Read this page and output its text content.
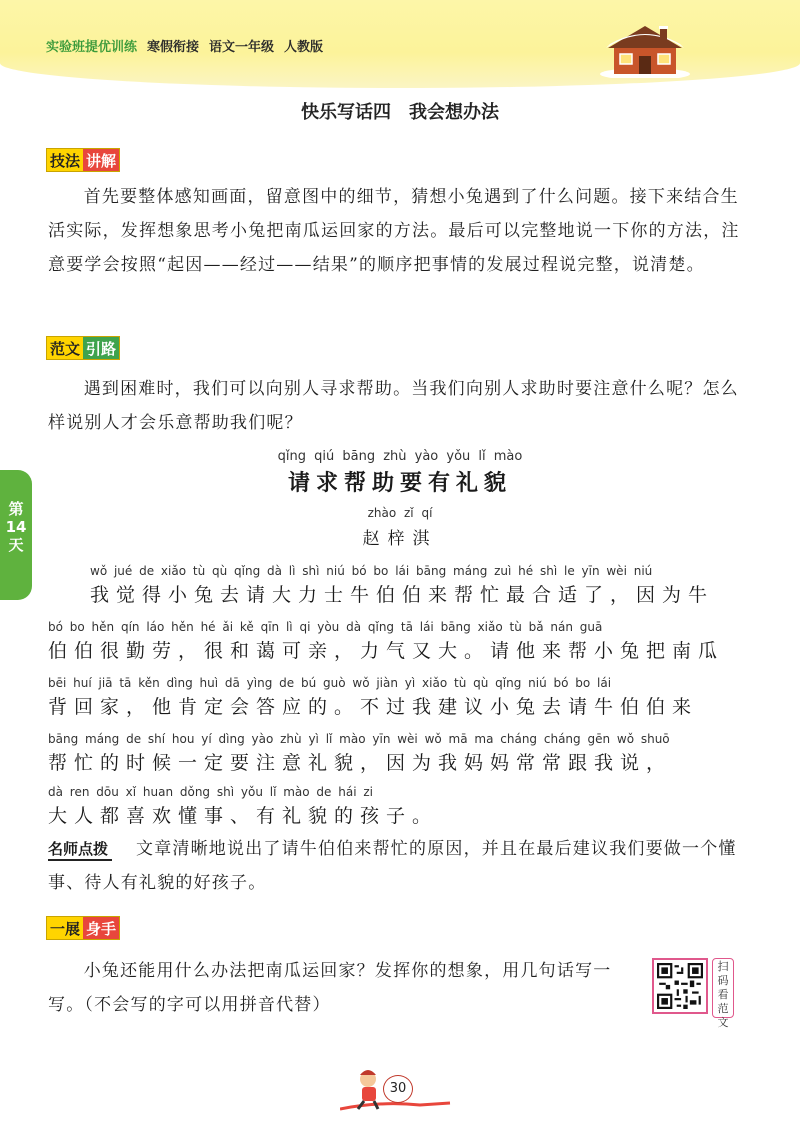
实验班提优训练 寒假衔接 语文一年级 人教版
快乐写话四 我会想办法
技法 讲解
首先要整体感知画面，留意图中的细节，猜想小兔遇到了什么问题。接下来结合生活实际，发挥想象思考小兔把南瓜运回家的方法。最后可以完整地说一下你的方法，注意要学会按照“起因——经过——结果”的顺序把事情的发展过程说完整，说清楚。
范文 引路
遇到困难时，我们可以向别人寻求帮助。当我们向别人求助时要注意什么呢？怎么样说别人才会乐意帮助我们呢？
第
14
天
qǐng qiú bāng zhù yào yǒu lǐ mào
请求帮助要有礼貌
zhào zǐ qí
赵梓淇
wǒ jué de xiǎo tù qù qǐng dà lì shì niú bó bo lái bāng máng zuì hé shì le yīn wèi niú
我觉得小兔去请大力士牛伯伯来帮忙最合适了，因为牛
bó bo hěn qín láo hěn hé ǎi kě qīn lì qi yòu dà qǐng tā lái bāng xiǎo tù bǎ nán guā
伯伯很勤劳，很和蔼可亲，力气又大。请他来帮小兔把南瓜
bēi huí jiā tā kěn dìng huì dā yìng de bú guò wǒ jiàn yì xiǎo tù qù qǐng niú bó bo lái
背回家，他肯定会答应的。不过我建议小兔去请牛伯伯来
bāng máng de shí hou yí dìng yào zhù yì lǐ mào yīn wèi wǒ mā ma cháng cháng gēn wǒ shuō
帮忙的时候一定要注意礼貌，因为我妈妈常常跟我说，
dà ren dōu xǐ huan dǒng shì yǒu lǐ mào de hái zi
大人都喜欢懂事、有礼貌的孩子。
名师点拨	文章清晰地说出了请牛伯伯来帮忙的原因，并且在最后建议我们要做一个懂事、待人有礼貌的好孩子。
一展 身手
小兔还能用什么办法把南瓜运回家？发挥你的想象，用几句话写一写。（不会写的字可以用拼音代替）
扫码看范文
30
